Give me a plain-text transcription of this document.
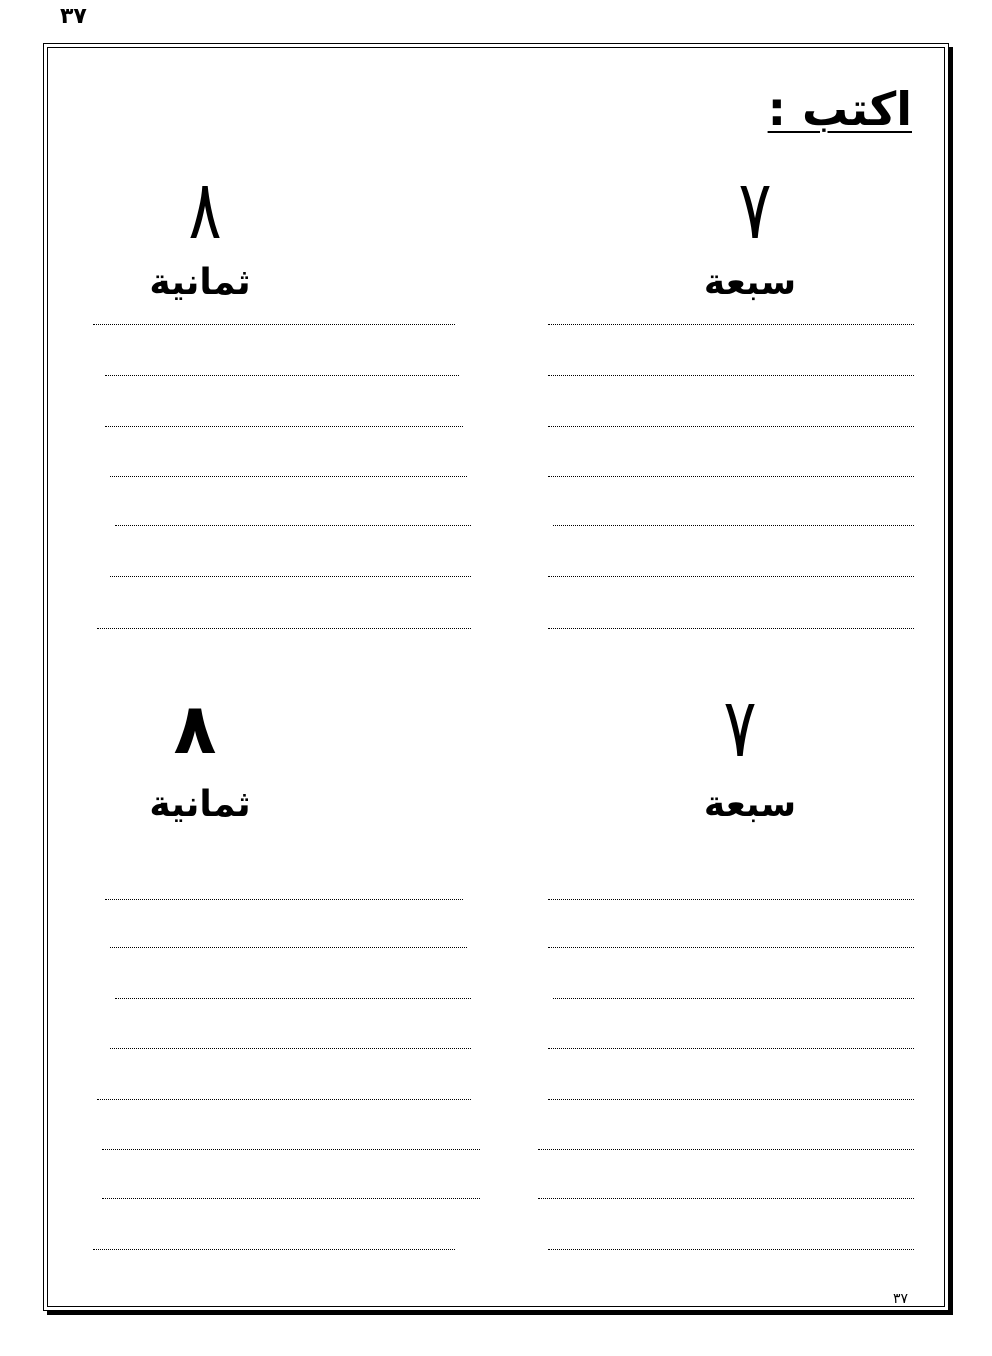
٣٧
اكتب :
٧
سبعة
٨
ثمانية
٧
سبعة
٨
ثمانية
٣٧
